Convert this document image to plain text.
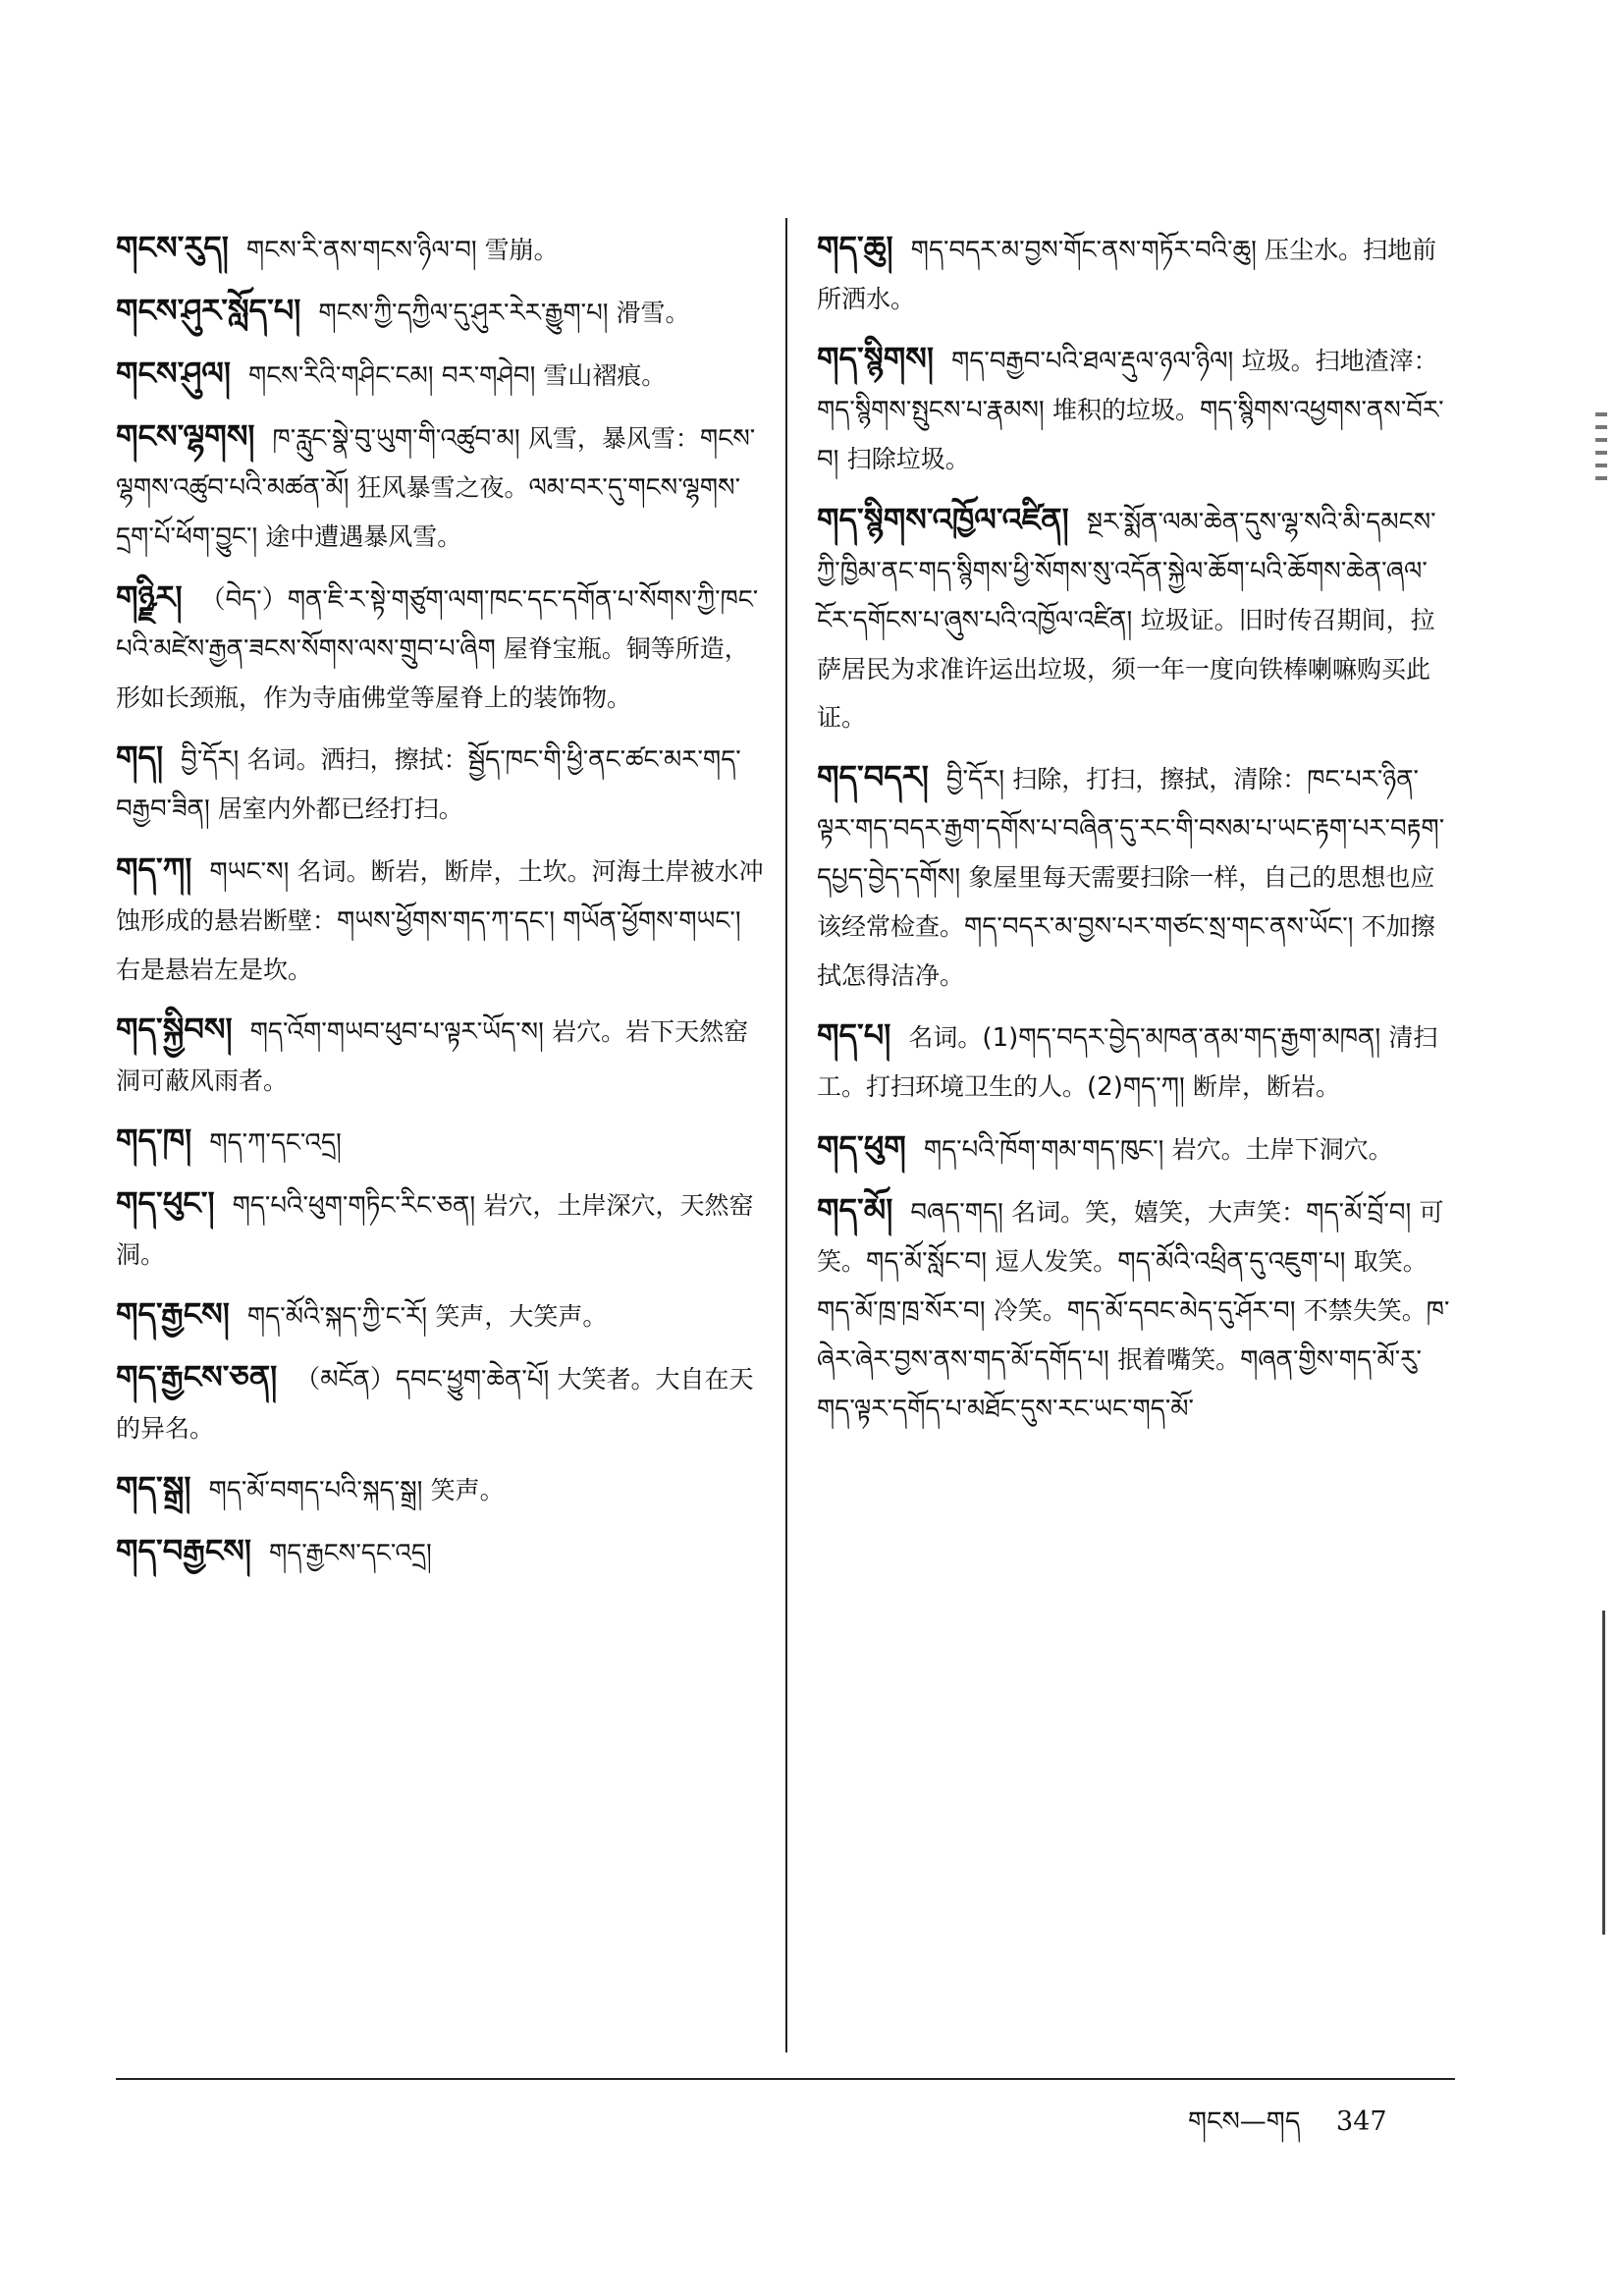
གངས་རུད། གངས་རི་ནས་གངས་ཉིལ་བ། 雪崩。
གངས་ཤུར་སློད་པ། གངས་ཀྱི་དཀྱིལ་དུ་ཤུར་རེར་རྒྱུག་པ། 滑雪。
གངས་ཤུལ། གངས་རིའི་གཤིང་ངམ། བར་གཤེབ། 雪山褶痕。
གངས་ལྷགས། ཁ་རླུང་སྣེ་བུ་ཡུག་གི་འཚུབ་མ། 风雪，暴风雪：གངས་ལྷགས་འཚུབ་པའི་མཚན་མོ། 狂风暴雪之夜。ལམ་བར་དུ་གངས་ལྷགས་དྲག་པོ་ཕོག་བྱུང་། 途中遭遇暴风雪。
གཉྫིར། （བེད་）གན་ཇི་ར་སྟེ་གཙུག་ལག་ཁང་དང་དགོན་པ་སོགས་ཀྱི་ཁང་པའི་མཛེས་རྒྱན་ཟངས་སོགས་ལས་གྲུབ་པ་ཞིག 屋脊宝瓶。铜等所造，形如长颈瓶，作为寺庙佛堂等屋脊上的装饰物。
གད། བྱི་དོར། 名词。洒扫，擦拭：སྦྱོད་ཁང་གི་ཕྱི་ནང་ཚང་མར་གད་བརྒྱབ་ཟིན། 居室内外都已经打扫。
གད་ཀ། གཡང་ས། 名词。断岩，断岸，土坎。河海土岸被水冲蚀形成的悬岩断壁：གཡས་ཕྱོགས་གད་ཀ་དང་། གཡོན་ཕྱོགས་གཡང་། 右是悬岩左是坎。
གད་སྐྱིབས། གད་འོག་གཡབ་ཕུབ་པ་ལྟར་ཡོད་ས། 岩穴。岩下天然窑洞可蔽风雨者。
གད་ཁ། གད་ཀ་དང་འདྲ།
གད་ཕུང་། གད་པའི་ཕུག་གཏིང་རིང་ཅན། 岩穴，土岸深穴，天然窑洞。
གད་རྒྱངས། གད་མོའི་སྐད་ཀྱི་ང་རོ། 笑声，大笑声。
གད་རྒྱངས་ཅན། （མངོན）དབང་ཕྱུག་ཆེན་པོ། 大笑者。大自在天的异名。
གད་སྒྲ། གད་མོ་བགད་པའི་སྐད་སྒྲ། 笑声。
གད་བརྒྱངས། གད་རྒྱངས་དང་འདྲ།
གད་ཆུ། གད་བདར་མ་བྱས་གོང་ནས་གཏོར་བའི་ཆུ། 压尘水。扫地前所洒水。
གད་སྙིགས། གད་བརྒྱབ་པའི་ཐལ་རྡུལ་ཉལ་ཉིལ། 垃圾。扫地渣滓：གད་སྙིགས་སྤུངས་པ་རྣམས། 堆积的垃圾。གད་སྙིགས་འཕྱགས་ནས་བོར་བ། 扫除垃圾。
གད་སྙིགས་འཁྱོལ་འཛིན། སྔར་སྨོན་ལམ་ཆེན་དུས་ལྷ་སའི་མི་དམངས་ཀྱི་ཁྱིམ་ནང་གད་སྙིགས་ཕྱི་སོགས་སུ་འདོན་སྐྱེལ་ཆོག་པའི་ཆོགས་ཆེན་ཞལ་ངོར་དགོངས་པ་ཞུས་པའི་འཁྱོལ་འཛིན། 垃圾证。旧时传召期间，拉萨居民为求准许运出垃圾，须一年一度向铁棒喇嘛购买此证。
གད་བདར། བྱི་དོར། 扫除，打扫，擦拭，清除：ཁང་པར་ཉིན་ལྟར་གད་བདར་རྒྱག་དགོས་པ་བཞིན་དུ་རང་གི་བསམ་པ་ཡང་རྟག་པར་བརྟག་དཔྱད་བྱེད་དགོས། 象屋里每天需要扫除一样，自己的思想也应该经常检查。གད་བདར་མ་བྱས་པར་གཙང་སྲ་གང་ནས་ཡོང་། 不加擦拭怎得洁净。
གད་པ། 名词。(1)གད་བདར་བྱེད་མཁན་ནམ་གད་རྒྱག་མཁན། 清扫工。打扫环境卫生的人。(2)གད་ཀ། 断岸，断岩。
གད་ཕུག གད་པའི་ཁོག་གམ་གད་ཁུང་། 岩穴。土岸下洞穴。
གད་མོ། བཞད་གད། 名词。笑，嬉笑，大声笑：གད་མོ་བྲོ་བ། 可笑。གད་མོ་སློང་བ། 逗人发笑。གད་མོའི་འཕྲིན་དུ་འཇུག་པ། 取笑。གད་མོ་ཁྲ་ཁྲ་སོར་བ། 冷笑。གད་མོ་དབང་མེད་དུ་ཤོར་བ། 不禁失笑。ཁ་ཞེར་ཞེར་བྱས་ནས་གད་མོ་དགོད་པ། 抿着嘴笑。གཞན་གྱིས་གད་མོ་རུ་གད་ལྟར་དགོད་པ་མཐོང་དུས་རང་ཡང་གད་མོ་
གངས—གད 347
